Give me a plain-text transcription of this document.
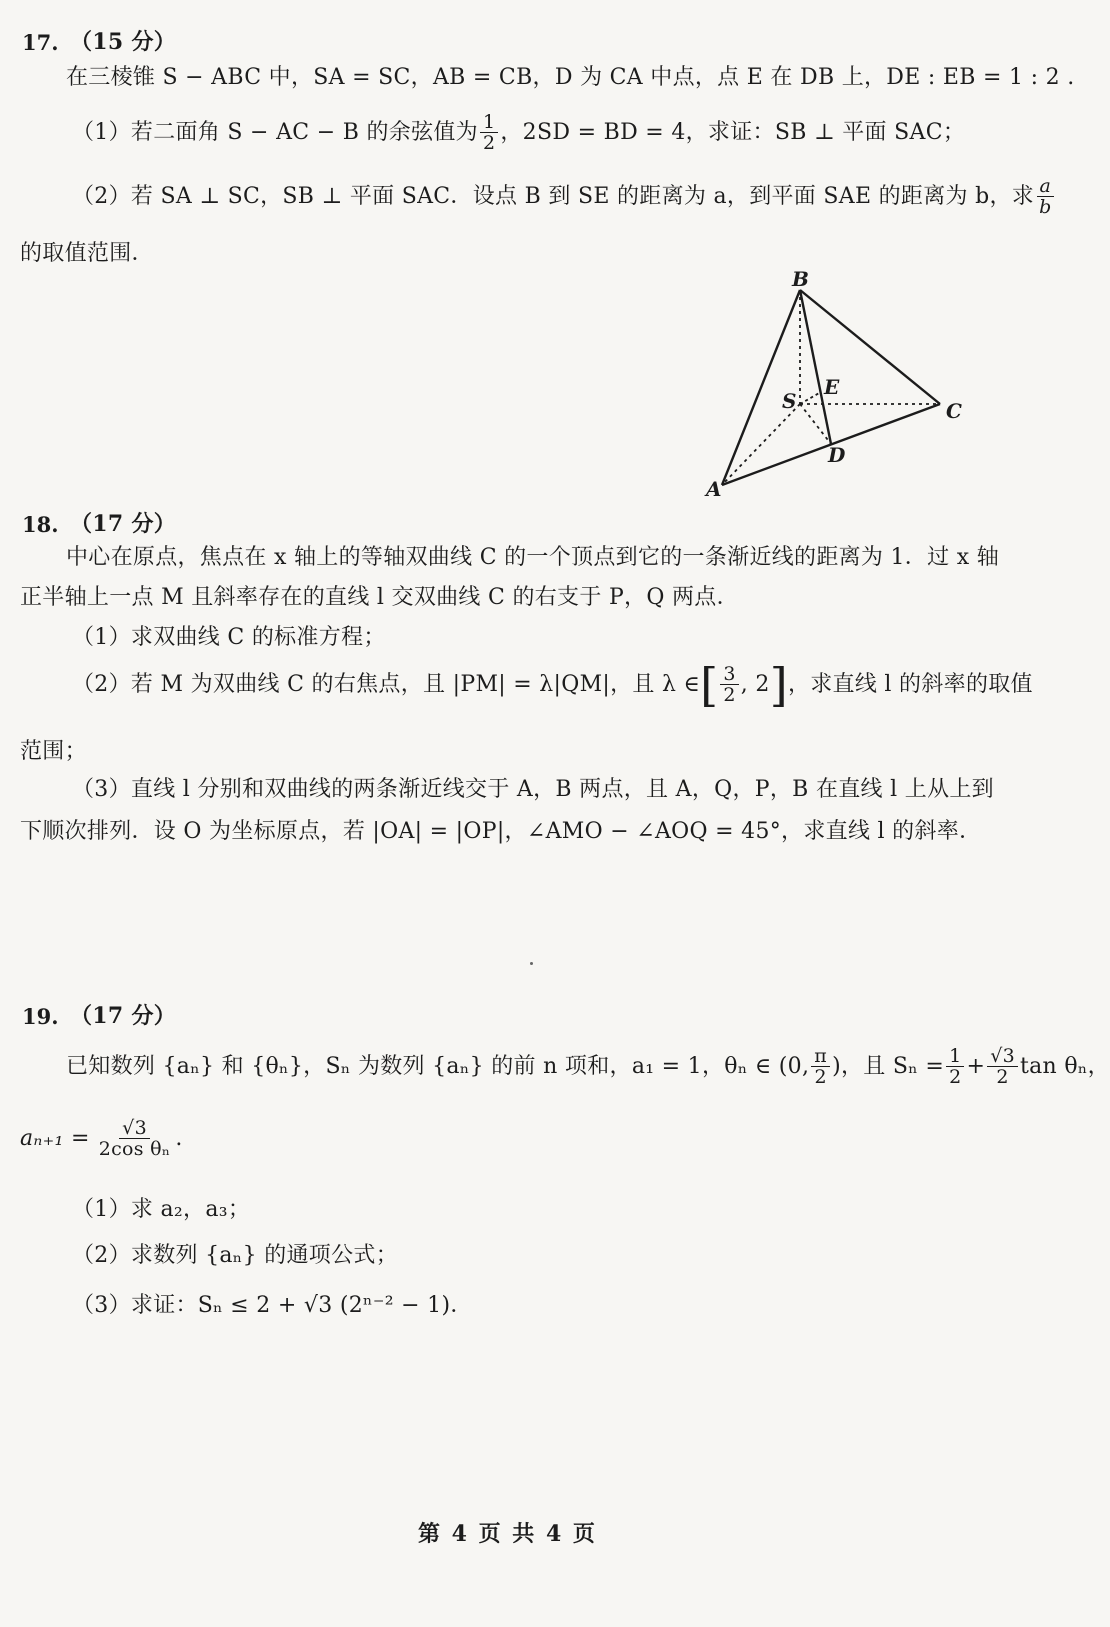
17. （15 分）
在三棱锥 S − ABC 中，SA = SC，AB = CB，D 为 CA 中点，点 E 在 DB 上，DE : EB = 1 : 2 .
（1）若二面角 S − AC − B 的余弦值为 $\frac{1}{2}$ ，2SD = BD = 4，求证：SB ⊥ 平面 SAC；
（2）若 SA ⊥ SC，SB ⊥ 平面 SAC．设点 B 到 SE 的距离为 a，到平面 SAE 的距离为 b，求 $\frac{a}{b}$
的取值范围．
B
S
E
C
D
A
18. （17 分）
中心在原点，焦点在 x 轴上的等轴双曲线 C 的一个顶点到它的一条渐近线的距离为 1．过 x 轴
正半轴上一点 M 且斜率存在的直线 l 交双曲线 C 的右支于 P，Q 两点．
（1）求双曲线 C 的标准方程；
（2）若 M 为双曲线 C 的右焦点，且 |PM| = λ|QM|，且 λ ∈ [ $\frac{3}{2}$ , 2 ] ，求直线 l 的斜率的取值
范围；
（3）直线 l 分别和双曲线的两条渐近线交于 A，B 两点，且 A，Q，P，B 在直线 l 上从上到
下顺次排列．设 O 为坐标原点，若 |OA| = |OP|，∠AMO − ∠AOQ = 45°，求直线 l 的斜率．
19. （17 分）
已知数列 {aₙ} 和 {θₙ}，Sₙ 为数列 {aₙ} 的前 n 项和，a₁ = 1，θₙ ∈ (0, $\frac{\pi}{2}$ )，且 $S_n = \frac{1}{2} + \frac{√3}{2}$ tan θₙ，
$a_{n+1} = \frac{√3}{\text{2cos θₙ}}$ .
（1）求 a₂，a₃；
（2）求数列 {aₙ} 的通项公式；
（3）求证：Sₙ ≤ 2 + √3 (2ⁿ⁻² − 1)．
第 4 页 共 4 页
